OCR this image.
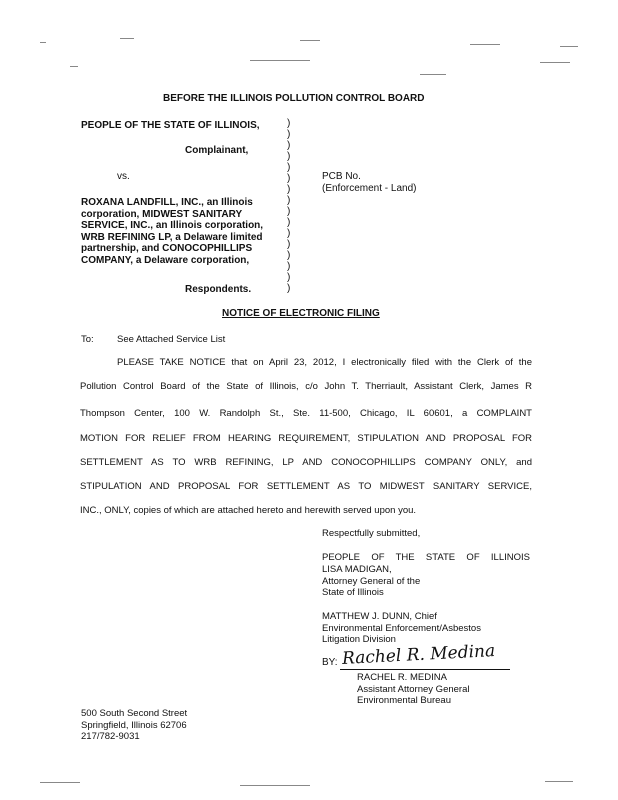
BEFORE THE ILLINOIS POLLUTION CONTROL BOARD
PEOPLE OF THE STATE OF ILLINOIS,
Complainant,
vs.
)
)
)
)
)
)
)
)
)
)
)
)
)
)
)
)
PCB No.
(Enforcement - Land)
ROXANA LANDFILL, INC., an Illinois
corporation, MIDWEST SANITARY
SERVICE, INC., an Illinois corporation,
WRB REFINING LP, a Delaware limited
partnership, and CONOCOPHILLIPS
COMPANY, a Delaware corporation,
Respondents.
NOTICE OF ELECTRONIC FILING
To: See Attached Service List
PLEASE TAKE NOTICE that on April 23, 2012, I electronically filed with the Clerk of the
Pollution Control Board of the State of Illinois, c/o John T. Therriault, Assistant Clerk, James R
Thompson Center, 100 W. Randolph St., Ste. 11-500, Chicago, IL 60601, a COMPLAINT
MOTION FOR RELIEF FROM HEARING REQUIREMENT, STIPULATION AND PROPOSAL FOR
SETTLEMENT AS TO WRB REFINING, LP AND CONOCOPHILLIPS COMPANY ONLY, and
STIPULATION AND PROPOSAL FOR SETTLEMENT AS TO MIDWEST SANITARY SERVICE,
INC., ONLY, copies of which are attached hereto and herewith served upon you.
Respectfully submitted,
PEOPLE OF THE STATE OF ILLINOIS
LISA MADIGAN,
Attorney General of the
State of Illinois
MATTHEW J. DUNN, Chief
Environmental Enforcement/Asbestos
Litigation Division
BY: Rachel R. Medina
RACHEL R. MEDINA
Assistant Attorney General
Environmental Bureau
500 South Second Street
Springfield, Illinois 62706
217/782-9031
